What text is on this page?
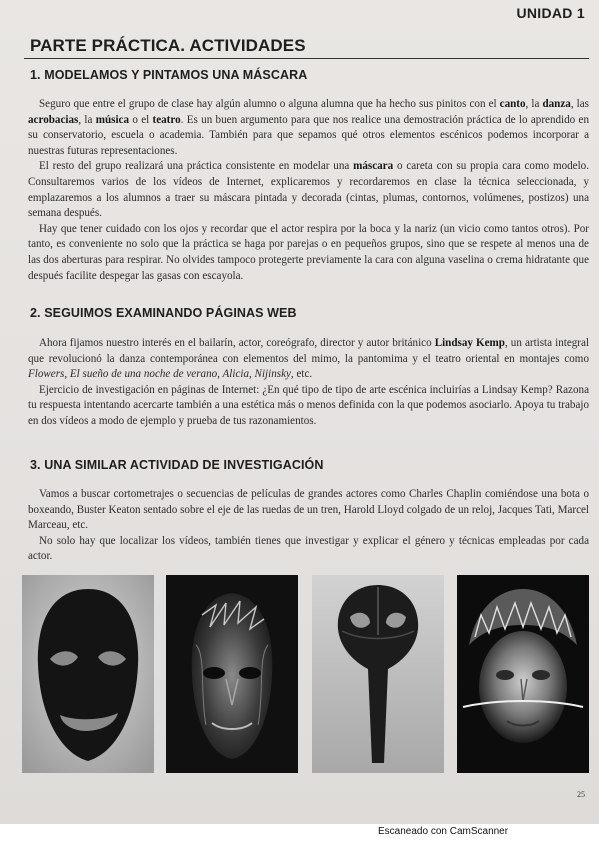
UNIDAD 1
PARTE PRÁCTICA. ACTIVIDADES
1. MODELAMOS Y PINTAMOS UNA MÁSCARA

Seguro que entre el grupo de clase hay algún alumno o alguna alumna que ha hecho sus pinitos con el canto, la danza, las acrobacias, la música o el teatro. Es un buen argumento para que nos realice una demostración práctica de lo aprendido en su conservatorio, escuela o academia. También para que sepamos qué otros elementos escénicos podemos incorporar a nuestras futuras representaciones.

El resto del grupo realizará una práctica consistente en modelar una máscara o careta con su propia cara como modelo. Consultaremos varios de los vídeos de Internet, explicaremos y recordaremos en clase la técnica seleccionada, y emplazaremos a los alumnos a traer su máscara pintada y decorada (cintas, plumas, contornos, volúmenes, postizos) una semana después.

Hay que tener cuidado con los ojos y recordar que el actor respira por la boca y la nariz (un vicio como tantos otros). Por tanto, es conveniente no solo que la práctica se haga por parejas o en pequeños grupos, sino que se respete al menos una de las dos aberturas para respirar. No olvides tampoco protegerte previamente la cara con alguna vaselina o crema hidratante que después facilite despegar las gasas con escayola.

2. SEGUIMOS EXAMINANDO PÁGINAS WEB

Ahora fijamos nuestro interés en el bailarín, actor, coreógrafo, director y autor británico Lindsay Kemp, un artista integral que revolucionó la danza contemporánea con elementos del mimo, la pantomima y el teatro oriental en montajes como Flowers, El sueño de una noche de verano, Alicia, Nijinsky, etc.

Ejercicio de investigación en páginas de Internet: ¿En qué tipo de tipo de arte escénica incluirías a Lindsay Kemp? Razona tu respuesta intentando acercarte también a una estética más o menos definida con la que podemos asociarlo. Apoya tu trabajo en dos vídeos a modo de ejemplo y prueba de tus razonamientos.

3. UNA SIMILAR ACTIVIDAD DE INVESTIGACIÓN

Vamos a buscar cortometrajes o secuencias de películas de grandes actores como Charles Chaplin comiéndose una bota o boxeando, Buster Keaton sentado sobre el eje de las ruedas de un tren, Harold Lloyd colgado de un reloj, Jacques Tati, Marcel Marceau, etc.

No solo hay que localizar los vídeos, también tienes que investigar y explicar el género y técnicas empleadas por cada actor.

25
Escaneado con CamScanner
